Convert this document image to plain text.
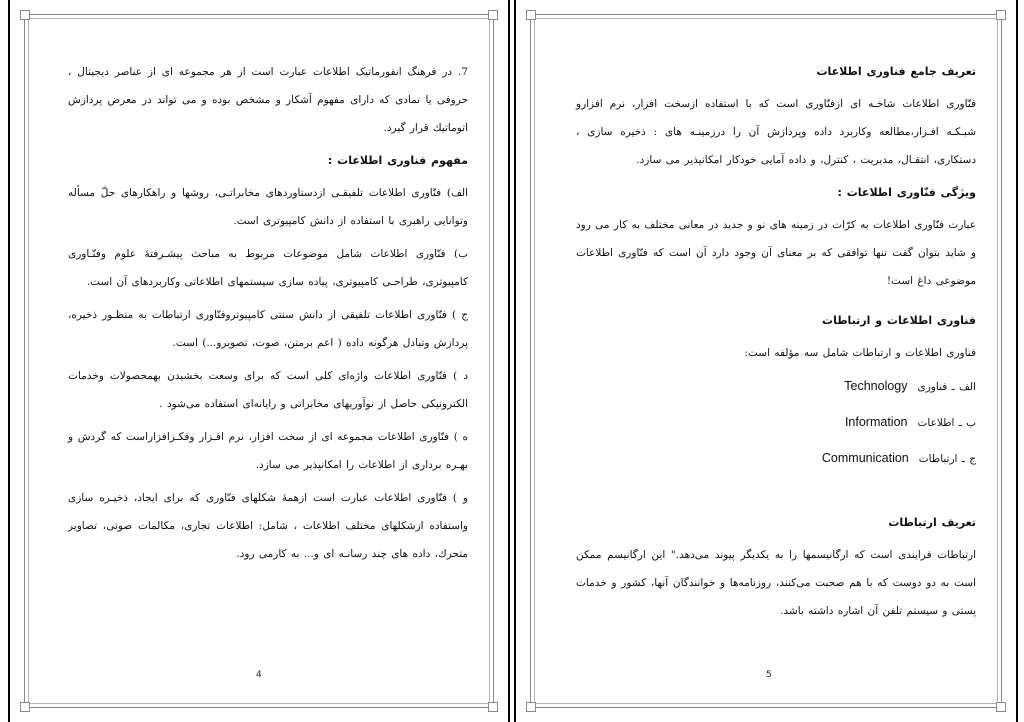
7. در فرهنگ انفورماتيک اطلاعات عبارت است از هر مجموعه اى از عناصر ديجيتال ، حروفى يا نمادى كه داراى مفهوم آشكار و مشخص بوده و مى تواند در معرض پردازش اتوماتيك قرار گيرد.

مفهوم فناورى اطلاعات :

الف) فنّاورى اطلاعات تلفيقـى ازدستاوردهاى مخابراتـى، روشها و راهكارهاى حلّ مسأله وتوانايى راهبرى با استفاده از دانش كامپيوترى است.

ب) فنّاورى اطلاعات شامل موضوعات مربوط به مباحث پيشـرفتهٔ علوم وفنّـاورى كامپيوترى، طراحـى كامپيوترى، پياده سازى سيستمهاى اطلاعاتى وكاربردهاى آن است.

ج ) فنّاورى اطلاعات تلفيقى از دانش سنتى كامپيوتروفنّاورى ارتباطات به منظـور ذخيره، پردازش وتبادل هرگونه داده ( اعم برمتن، صوت، تصويرو...) است.

د ) فنّاورى اطلاعات واژه‌اى كلى است كه براى وسعت بخشيدن بهمحصولات وخدمات الكترونيكى حاصل از نوآوريهاى مخابراتى و رايانه‌اى استفاده مى‌شود .

ه ) فنّاورى اطلاعات مجموعه اى از سخت افزار، نرم افـزار وفكـرافزاراست كه گردش و بهـره بردارى از اطلاعات را امكانپذير مى سازد.

و ) فنّاورى اطلاعات عبارت است ازهمهٔ شكلهاى فنّاورى كه براى ايجاد، ذخيـره سازى واستفاده ازشكلهاى مختلف اطلاعات ، شامل: اطلاعات تجارى، مكالمات صوتى، تصاوير متحرك، داده هاى چند رسانـه اى و... به كارمى رود.

4
تعريف جامع فناورى اطلاعات

فنّاورى اطلاعات شاخـه اى ازفنّاورى است كه با استفاده ازسخت افزار، نرم افزارو شبـكـه افـزار،مطالعه وكاربرد داده وپردازش آن را درزمينـه هاى : ذخيره سازى ، دستكارى، انتقـال، مديريت ، كنترل، و داده آمايى خودكار امكانپذير مى سازد.

ويژگى فنّاورى اطلاعات :

عبارت فنّاورى اطلاعات به كرّات در زمينه هاى نو و جديد در معانى مختلف به كار مى رود و شايد بتوان گفت تنها توافقى كه بر معناى آن وجود دارد آن است كه فنّاورى اطلاعات موضوعى داغ است!

فناورى اطلاعات و ارتباطات

فناورى اطلاعات و ارتباطات شامل سه مؤلفه است:

الف ـ فناورىTechnology
ب ـ اطلاعاتInformation
ج ـ ارتباطاتCommunication
تعريف ارتباطات

ارتباطات فرايندى است كه ارگانيسمها را به يكديگر پيوند مى‌دهد." اين ارگانيسم ممكن است به دو دوست كه با هم صحبت مى‌كنند، روزنامه‌ها و خوانندگان آنها، كشور و خدمات پستى و سيستم تلفن آن اشاره داشته باشد.

5
